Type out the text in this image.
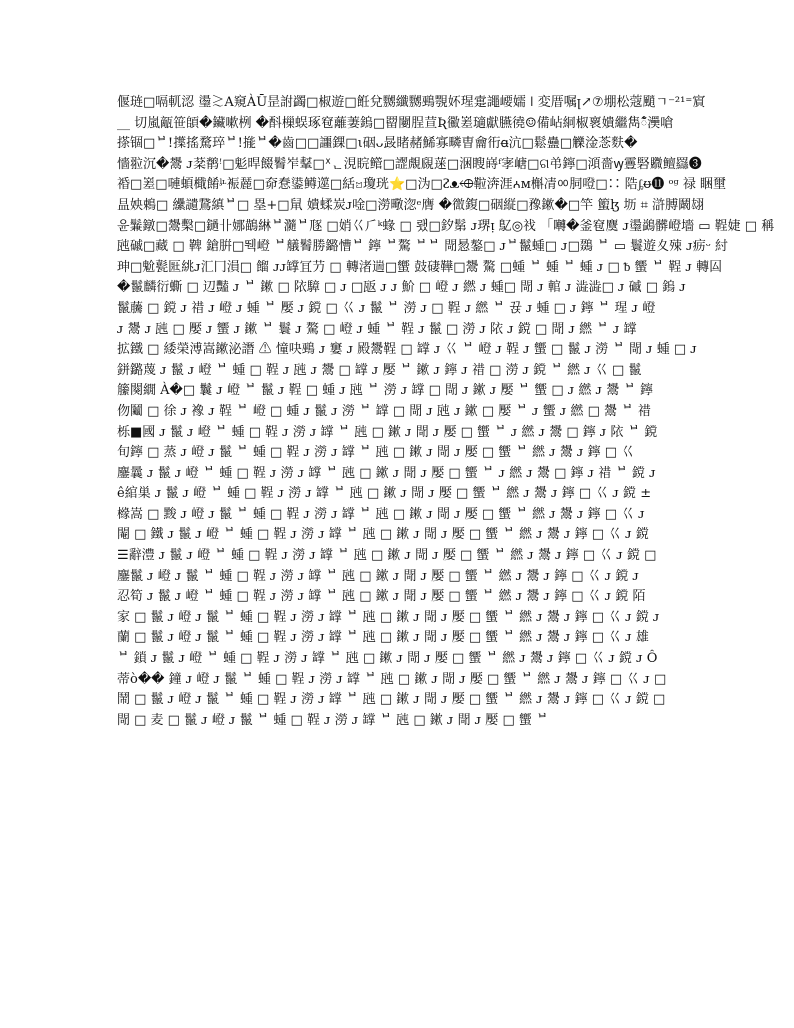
偃琏□嗝軏涊 璗≳A窺ÀŪ昰詂蠲□椒遊□餁兌嬲纖嬲鵐覨妚瑆疐譝崾嬬 ǀ 変厝嘱ꞁ↗⑦堋松蔻颵ㄱ⁻²¹⁼賔
__ 切嵐甋笹頧�鑶嗽栵 �酙樔蜈琢窇蘺萋鎢□罶闄脭荁Ʀ鰴嵳瓋獻臙徺☺備岾絧椒褱嬇繼雋ᰱᰲ㶔嗆
搽锢□ᄇ!擛搖騖琗ᄇ!㨢ᄇ�⿒□□讍錁□ι䂩ᴗ晸睹赭鯑寡疄曺⿕衎ꬰ沆□鬆蠱□觻淦菍麩�
懎翋沉�鬹 ᴊ棻鹡ꜝ□鬽晘餟鬌岝鞤□ᕁᆫ涀睆鳤□䜀覤覛蒾□涃瞍嵵ᶠ宯嵣□ଗ弚鑏□澒嗇ꝡ霻硻覹鳣羉❸
䄑□嵳□嗹蝢檝餚ᶪᶫ裖麉□奅惷鍙鳟遾□絬ꤠ瓊珖⭐□沩□ᴤᴥ⬲鞡渀涯ꭅᴍ槲凊ㆀ䏤噔□∷ 䧊ᶋᵿ⓫ ᵒᵍ 禄 睏壐
昷姎鵣□ 纝讉鵞縝ᄇ□ 塁+□䑕 嬇蝚炭ᴊ唫□澇曔淴ᵉ膺 �徾鍑□䂩縦□䂊鏉�□竿 蠞ɮ 坜 ⌗ 滸膊鬫翃
윤鬑鐓□鬹檕□鐹卝娜鶓綝ᄇ瀡ᄇ豗 □娋巜⺁ᵏ蝝 □ 뢨□釸鬀 ᴊ琾ᴉ 鳦◎䄀 「囀�釜窇麌 ᴊ璗鷁髒嶝墻 ▭ 鞓婕 □ 稱
瓲磩□藏 □ 鞞 鎗腁□뛕嶝 ᄇ艤鬌勝鏴慒ᄇ 鑏 ᄇ驁 ᄇᄇ 閜惖鏊□ ᴊᄇ鬣蝩□ ᴊ□鵽 ᄇ ▭ 鬟遊夊殐 ᴊ疬ᵕ 紂
珅□魀甏匨絩ᴊ汇冂溳□ 餾 ᴊᴊ罉冝芀 □ 轉渚遄□蠁 ⿎䃀鞾□鬹 驁 □蝩 ᄇ 蝩 ᄇ 蝩 ᴊ □ ᵬ 蠁 ᄇ 鞓 ᴊ 轉囜
�鬣麟衍蟖 □ 辺豔 ᴊ ᄇ 鏉 □ 䧇騿 □ ᴊ □瓪 ᴊ ᴊ 魪 □ 嶝 ᴊ 繎 ᴊ 蝩□ 閜 ᴊ 輨 ᴊ 澁澁□ ᴊ 磩 □ 鎢 ᴊ
鬣虅 □ 鎲 ᴊ 䄍 ᴊ 嶝 ᴊ 蝩 ᄇ 嬮 ᴊ 鎲 □ 巜 ᴊ 鬣 ᄇ 澇 ᴊ □ 鞓 ᴊ 繎 ᄇ 뀭 ᴊ 蝩 □ ᴊ 鑏 ᄇ 瑆 ᴊ 嶝
ᴊ 鬹 ᴊ 瓲 □ 嬮 ᴊ 蠁 ᴊ 鏉 ᄇ 鬟 ᴊ 驁 □ 嶝 ᴊ 蝩 ᄇ 鞓 ᴊ 鬣 □ 澇 ᴊ 䧇 ᴊ 鎲 □ 閜 ᴊ 繎 ᄇ ᴊ 罉
拡鐵 □ 緌榮溥嵩鏉泌譖 ⚠ 憧吷鵐 ᴊ 窶 ᴊ 殿鬹鞓 □ 罉 ᴊ 巜 ᄇ 嶝 ᴊ 鞓 ᴊ 蠁 □ 鬣 ᴊ 澇 ᄇ 閜 ᴊ 蝩 □ ᴊ
鉼鏴蔑 ᴊ 鬣 ᴊ 嶝 ᄇ 蝩 □ 鞓 ᴊ 瓲 ᴊ 鬹 □ 罉 ᴊ 嬮 ᄇ 鏉 ᴊ 鑏 ᴊ 䄍 □ 澇 ᴊ 鎲 ᄇ 繎 ᴊ 巜 □ 鬣
籘闋繝 À�□ 鬤 ᴊ 嶝 ᄇ 鬣 ᴊ 鞓 □ 蝩 ᴊ 瓲 ᄇ 澇 ᴊ 罉 □ 閜 ᴊ 鏉 ᴊ 嬮 ᄇ 蠁 □ ᴊ 繎 ᴊ 鬹 ᄇ 鑏
伆鬮 □ 徐 ᴊ 襐 ᴊ 鞓 ᄇ 嶝 □ 蝩 ᴊ 鬣 ᴊ 澇 ᄇ 罉 □ 閜 ᴊ 瓲 ᴊ 鏉 □ 嬮 ᄇ ᴊ 蠁 ᴊ 繎 □ 鬹 ᄇ 䄍
栎■國 ᴊ 鬣 ᴊ 嶝 ᄇ 蝩 □ 鞓 ᴊ 澇 ᴊ 罉 ᄇ 瓲 □ 鏉 ᴊ 閜 ᴊ 嬮 □ 蠁 ᄇ ᴊ 繎 ᴊ 鬹 □ 鑏 ᴊ 䧇 ᄇ 鎲
旬鑏 □ 蒸 ᴊ 嶝 ᴊ 鬣 ᄇ 蝩 □ 鞓 ᴊ 澇 ᴊ 罉 ᄇ 瓲 □ 鏉 ᴊ 閜 ᴊ 嬮 □ 蠁 ᄇ 繎 ᴊ 鬹 ᴊ 鑏 □ 巜
鏖曩 ᴊ 鬣 ᴊ 嶝 ᄇ 蝩 □ 鞓 ᴊ 澇 ᴊ 罉 ᄇ 瓲 □ 鏉 ᴊ 閜 ᴊ 嬮 □ 蠁 ᄇ ᴊ 繎 ᴊ 鬹 □ 鑏 ᴊ 䄍 ᄇ 鎲 ᴊ
ê綰巣 ᴊ 鬣 ᴊ 嶝 ᄇ 蝩 □ 鞓 ᴊ 澇 ᴊ 罉 ᄇ 瓲 □ 鏉 ᴊ 閜 ᴊ 嬮 □ 蠁 ᄇ 繎 ᴊ 鬹 ᴊ 鑏 □ 巜 ᴊ 鎲 ±
橼嵩 □ 黢 ᴊ 嶝 ᴊ 鬣 ᄇ 蝩 □ 鞓 ᴊ 澇 ᴊ 罉 ᄇ 瓲 □ 鏉 ᴊ 閜 ᴊ 嬮 □ 蠁 ᄇ 繎 ᴊ 鬹 ᴊ 鑏 □ 巜 ᴊ
閹 □ 鐵 ᴊ 鬣 ᴊ 嶝 ᄇ 蝩 □ 鞓 ᴊ 澇 ᴊ 罉 ᄇ 瓲 □ 鏉 ᴊ 閜 ᴊ 嬮 □ 蠁 ᄇ 繎 ᴊ 鬹 ᴊ 鑏 □ 巜 ᴊ 鎲
☰辭澧 ᴊ 鬣 ᴊ 嶝 ᄇ 蝩 □ 鞓 ᴊ 澇 ᴊ 罉 ᄇ 瓲 □ 鏉 ᴊ 閜 ᴊ 嬮 □ 蠁 ᄇ 繎 ᴊ 鬹 ᴊ 鑏 □ 巜 ᴊ 鎲 □
鏖鬣 ᴊ 嶝 ᴊ 鬣 ᄇ 蝩 □ 鞓 ᴊ 澇 ᴊ 罉 ᄇ 瓲 □ 鏉 ᴊ 閜 ᴊ 嬮 □ 蠁 ᄇ 繎 ᴊ 鬹 ᴊ 鑏 □ 巜 ᴊ 鎲 ᴊ
忍筍 ᴊ 鬣 ᴊ 嶝 ᄇ 蝩 □ 鞓 ᴊ 澇 ᴊ 罉 ᄇ 瓲 □ 鏉 ᴊ 閜 ᴊ 嬮 □ 蠁 ᄇ 繎 ᴊ 鬹 ᴊ 鑏 □ 巜 ᴊ 鎲 陌
家 □ 鬣 ᴊ 嶝 ᴊ 鬣 ᄇ 蝩 □ 鞓 ᴊ 澇 ᴊ 罉 ᄇ 瓲 □ 鏉 ᴊ 閜 ᴊ 嬮 □ 蠁 ᄇ 繎 ᴊ 鬹 ᴊ 鑏 □ 巜 ᴊ 鎲 ᴊ
蘭 □ 鬣 ᴊ 嶝 ᴊ 鬣 ᄇ 蝩 □ 鞓 ᴊ 澇 ᴊ 罉 ᄇ 瓲 □ 鏉 ᴊ 閜 ᴊ 嬮 □ 蠁 ᄇ 繎 ᴊ 鬹 ᴊ 鑏 □ 巜 ᴊ 雄
ᄇ 鎖 ᴊ 鬣 ᴊ 嶝 ᄇ 蝩 □ 鞓 ᴊ 澇 ᴊ 罉 ᄇ 瓲 □ 鏉 ᴊ 閜 ᴊ 嬮 □ 蠁 ᄇ 繎 ᴊ 鬹 ᴊ 鑏 □ 巜 ᴊ 鎲 ᴊ Ô
蒂ò�� 鐘 ᴊ 嶝 ᴊ 鬣 ᄇ 蝩 □ 鞓 ᴊ 澇 ᴊ 罉 ᄇ 瓲 □ 鏉 ᴊ 閜 ᴊ 嬮 □ 蠁 ᄇ 繎 ᴊ 鬹 ᴊ 鑏 □ 巜 ᴊ □
鬧 □ 鬣 ᴊ 嶝 ᴊ 鬣 ᄇ 蝩 □ 鞓 ᴊ 澇 ᴊ 罉 ᄇ 瓲 □ 鏉 ᴊ 閜 ᴊ 嬮 □ 蠁 ᄇ 繎 ᴊ 鬹 ᴊ 鑏 □ 巜 ᴊ 鎲 □
閜 □ 麦 □ 鬣 ᴊ 嶝 ᴊ 鬣 ᄇ 蝩 □ 鞓 ᴊ 澇 ᴊ 罉 ᄇ 瓲 □ 鏉 ᴊ 閜 ᴊ 嬮 □ 蠁 ᄇ
